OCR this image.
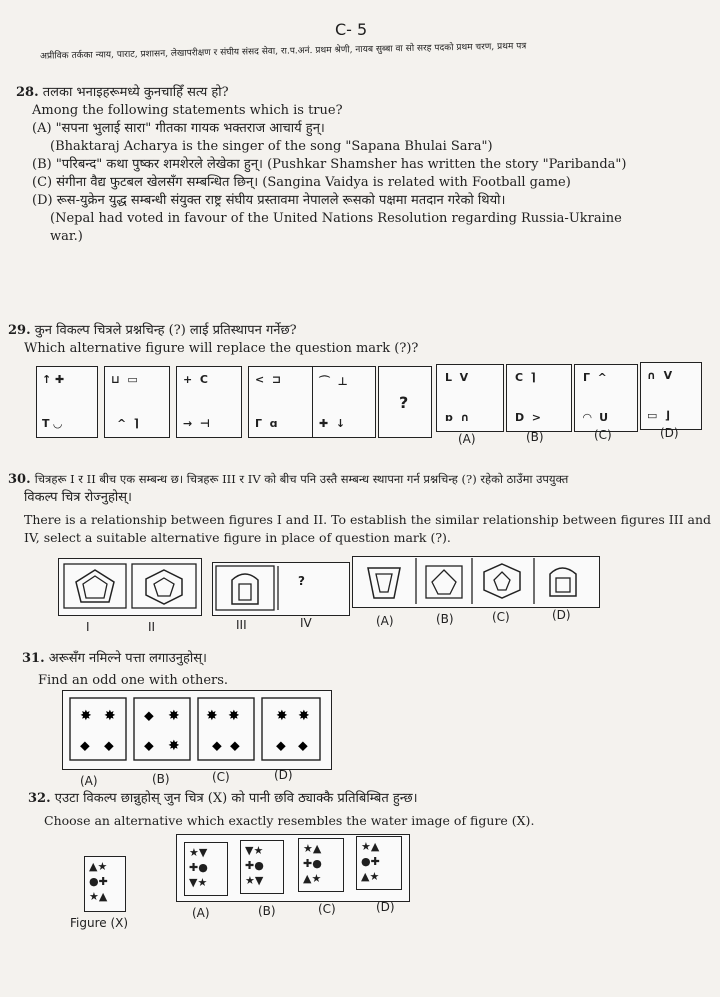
C- 5
अप्रीविक तर्कका न्याय, पाराट, प्रशासन, लेखापरीक्षण र संघीय संसद सेवा, रा.प.अनं. प्रथम श्रेणी, नायब सुब्बा वा सो सरह पदको प्रथम चरण, प्रथम पत्र
28. तलका भनाइहरूमध्ये कुनचाहिँ सत्य हो?
Among the following statements which is true?
(A) "सपना भुलाई सारा" गीतका गायक भक्तराज आचार्य हुन्।
(Bhaktaraj Acharya is the singer of the song "Sapana Bhulai Sara")
(B) "परिबन्द" कथा पुष्कर शमशेरले लेखेका हुन्। (Pushkar Shamsher has written the story "Paribanda")
(C) संगीना वैद्य फुटबल खेलसँग सम्बन्धित छिन्। (Sangina Vaidya is related with Football game)
(D) रूस-युक्रेन युद्ध सम्बन्धी संयुक्त राष्ट्र संघीय प्रस्तावमा नेपालले रूसको पक्षमा मतदान गरेको थियो।
(Nepal had voted in favour of the United Nations Resolution regarding Russia-Ukraine
war.)
29. कुन विकल्प चित्रले प्रश्नचिन्ह (?) लाई प्रतिस्थापन गर्नेछ?
Which alternative figure will replace the question mark (?)?
↑ ✚
T ◡
⊔  ▭
^  ⌉
+  C
→  ⊣
<  ⊐
Γ  ɑ
⌒  ⊥
✚  ↓
?
L  V
ɒ  ∩
C  ⌉
D  >
Γ  ^
◠  U
∩  V
▭  ⌋
(A)	(B)	(C)	(D)
30. चित्रहरू I र II बीच एक सम्बन्ध छ। चित्रहरू III र IV को बीच पनि उस्तै सम्बन्ध स्थापना गर्न प्रश्नचिन्ह (?) रहेको ठाउँमा उपयुक्त
विकल्प चित्र रोज्नुहोस्।
There is a relationship between figures I and II. To establish the similar relationship between figures III and
IV, select a suitable alternative figure in place of question mark (?).
?
I	II	III	IV	(A)	(B)	(C)	(D)
31. अरूसँग नमिल्ने पत्ता लगाउनुहोस्।
Find an odd one with others.
✸ ✸
⬥ ⬥
⬥ ✸
⬥ ✸
✸ ✸
⬥ ⬥
✸ ✸
⬥ ⬥
(A)	(B)	(C)	(D)
32. एउटा विकल्प छान्नुहोस् जुन चित्र (X) को पानी छवि ठ्याक्कै प्रतिबिम्बित हुन्छ।
Choose an alternative which exactly resembles the water image of figure (X).
▲★
●✚
★▲
Figure (X)
★▼
✚●
▼★
▼★
✚●
★▼
★▲
✚●
▲★
★▲
●✚
▲★
(A)	(B)	(C)	(D)
